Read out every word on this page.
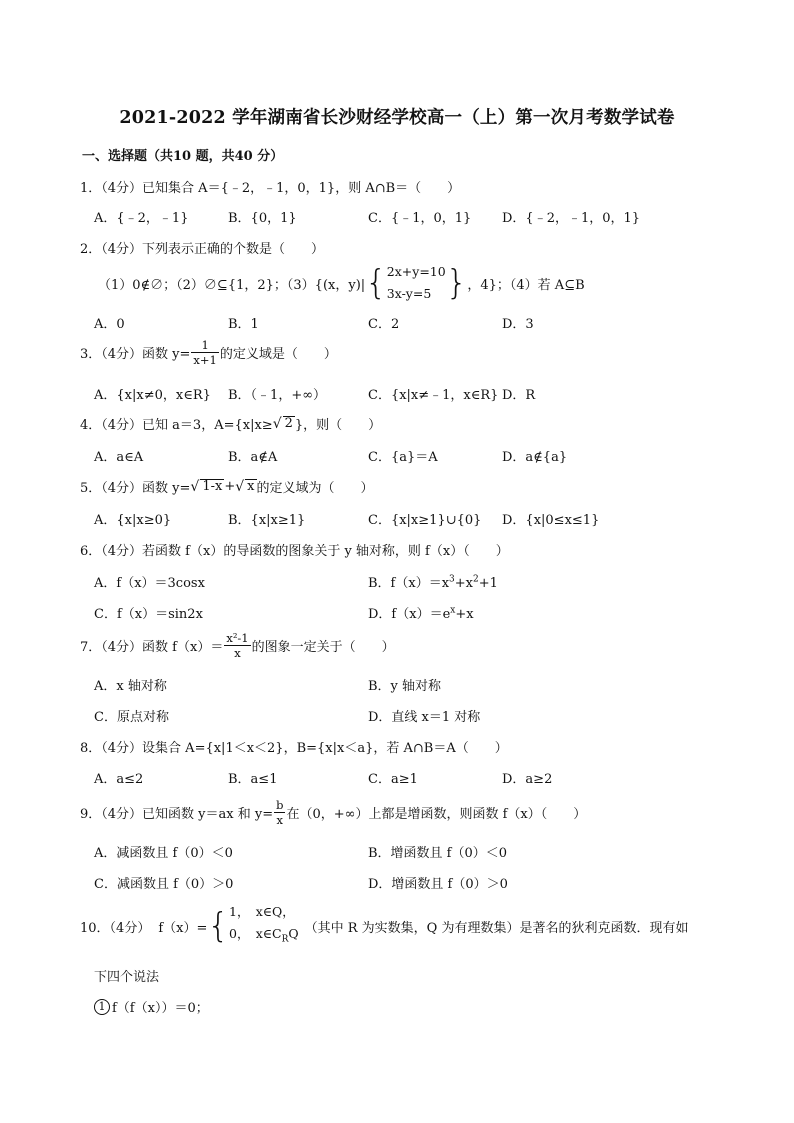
2021-2022 学年湖南省长沙财经学校高一（上）第一次月考数学试卷
一、选择题（共10 题，共40 分）
1．（4分）已知集合 A＝{﹣2，﹣1，0，1}，则 A∩B＝（　　）
A．{﹣2，﹣1}	B．{0，1}	C．{﹣1，0，1} D．{﹣2，﹣1，0，1}
2．（4分）下列表示正确的个数是（　　）
（1）0∉∅；（2）∅⊆{1，2}；（3）{(x，y)| { 2x+y=10
3x-y=5 } ，4}；（4）若 A⊆B
A．0	B．1	C．2	D．3
3．（4分）函数 $y= \frac{1}{x+1}$ 的定义域是（　　）
A．{x|x≠0，x∈R} B．（﹣1，+∞）	C．{x|x≠﹣1，x∈R} D．R
4．（4分）已知 a＝3，A={x|x≥ √ 2 }，则（　　）
A．a∈A	B．a∉A	C．{a}＝A	D．a∉{a}
5．（4分）函数 y= √ 1-x + √ x 的定义域为（　　）
A．{x|x≥0}	B．{x|x≥1}	C．{x|x≥1}∪{0} D．{x|0≤x≤1}
6．（4分）若函数 f（x）的导函数的图象关于 y 轴对称，则 f（x）（　　）
A．f（x）＝3cosx	B．$f(x)=x^3+x^2+1$
C．f（x）＝sin2x	D．$f(x)=e^x+x$
7．（4分）函数 $f(x)= \frac{\text{x²-1}}{x}$ 的图象一定关于（　　）
A．x 轴对称	B．y 轴对称
C．原点对称	D．直线 x＝1 对称
8．（4分）设集合 A={x|1＜x＜2}，B={x|x＜a}，若 A∩B＝A（　　）
A．a≤2	B．a≤1	C．a≥1	D．a≥2
9．（4分）已知函数 y＝ax 和 $y= \frac{b}{x}$ 在（0，+∞）上都是增函数，则函数 f（x）（　　）
A．减函数且 f（0）＜0	B．增函数且 f（0）＜0
C．减函数且 f（0）＞0	D．增函数且 f（0）＞0
10．（4分） f（x）= { 1，　x∈Q，
0，　$x\in C_RQ$ （其中 R 为实数集，Q 为有理数集）是著名的狄利克函数．现有如
下四个说法
1 f（f（x））＝0；
